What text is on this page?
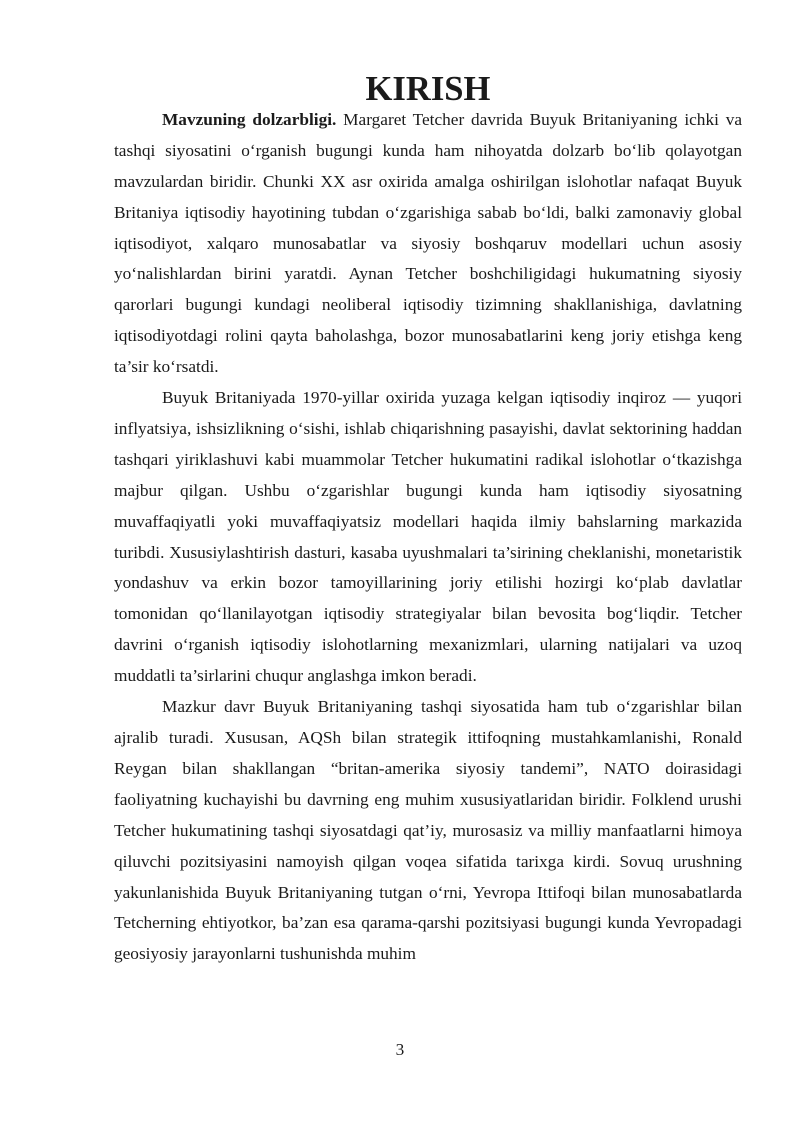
KIRISH

Mavzuning dolzarbligi. Margaret Tetcher davrida Buyuk Britaniyaning ichki va tashqi siyosatini o‘rganish bugungi kunda ham nihoyatda dolzarb bo‘lib qolayotgan mavzulardan biridir. Chunki XX asr oxirida amalga oshirilgan islohotlar nafaqat Buyuk Britaniya iqtisodiy hayotining tubdan o‘zgarishiga sabab bo‘ldi, balki zamonaviy global iqtisodiyot, xalqaro munosabatlar va siyosiy boshqaruv modellari uchun asosiy yo‘nalishlardan birini yaratdi. Aynan Tetcher boshchiligidagi hukumatning siyosiy qarorlari bugungi kundagi neoliberal iqtisodiy tizimning shakllanishiga, davlatning iqtisodiyotdagi rolini qayta baholashga, bozor munosabatlarini keng joriy etishga keng ta’sir ko‘rsatdi.

Buyuk Britaniyada 1970-yillar oxirida yuzaga kelgan iqtisodiy inqiroz — yuqori inflyatsiya, ishsizlikning o‘sishi, ishlab chiqarishning pasayishi, davlat sektorining haddan tashqari yiriklashuvi kabi muammolar Tetcher hukumatini radikal islohotlar o‘tkazishga majbur qilgan. Ushbu o‘zgarishlar bugungi kunda ham iqtisodiy siyosatning muvaffaqiyatli yoki muvaffaqiyatsiz modellari haqida ilmiy bahslarning markazida turibdi. Xususiylashtirish dasturi, kasaba uyushmalari ta’sirining cheklanishi, monetaristik yondashuv va erkin bozor tamoyillarining joriy etilishi hozirgi ko‘plab davlatlar tomonidan qo‘llanilayotgan iqtisodiy strategiyalar bilan bevosita bog‘liqdir. Tetcher davrini o‘rganish iqtisodiy islohotlarning mexanizmlari, ularning natijalari va uzoq muddatli ta’sirlarini chuqur anglashga imkon beradi.

Mazkur davr Buyuk Britaniyaning tashqi siyosatida ham tub o‘zgarishlar bilan ajralib turadi. Xususan, AQSh bilan strategik ittifoqning mustahkamlanishi, Ronald Reygan bilan shakllangan “britan-amerika siyosiy tandemi”, NATO doirasidagi faoliyatning kuchayishi bu davrning eng muhim xususiyatlaridan biridir. Folklend urushi Tetcher hukumatining tashqi siyosatdagi qat’iy, murosasiz va milliy manfaatlarni himoya qiluvchi pozitsiyasini namoyish qilgan voqea sifatida tarixga kirdi. Sovuq urushning yakunlanishida Buyuk Britaniyaning tutgan o‘rni, Yevropa Ittifoqi bilan munosabatlarda Tetcherning ehtiyotkor, ba’zan esa qarama-qarshi pozitsiyasi bugungi kunda Yevropadagi geosiyosiy jarayonlarni tushunishda muhim

3
